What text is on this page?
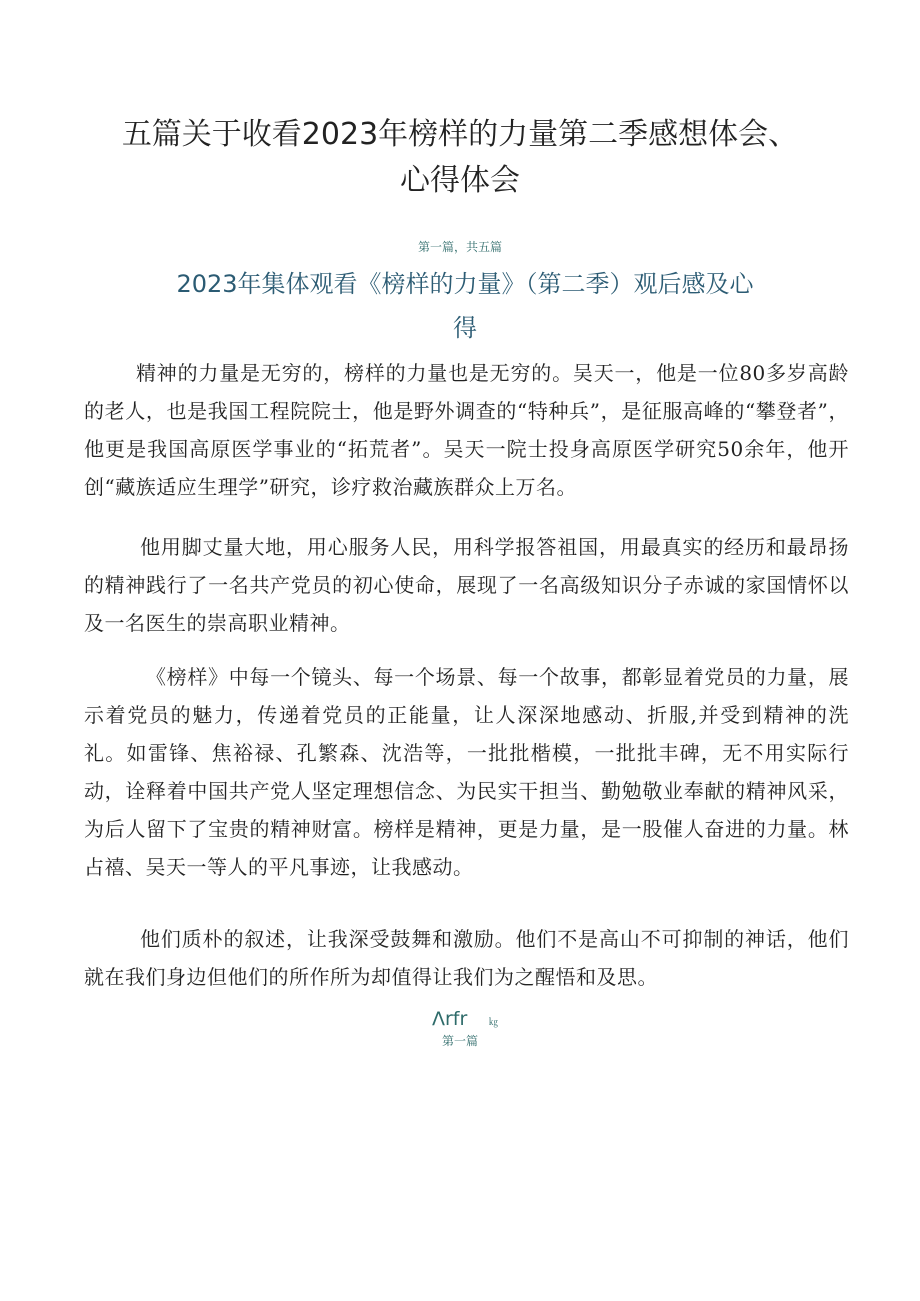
五篇关于收看2023年榜样的力量第二季感想体会、
心得体会
第一篇，共五篇
2023年集体观看《榜样的力量》（第二季）观后感及心
得

精神的力量是无穷的，榜样的力量也是无穷的。吴天一，他是一位80多岁高龄的老人，也是我国工程院院士，他是野外调查的“特种兵”，是征服高峰的“攀登者”，他更是我国高原医学事业的“拓荒者”。吴天一院士投身高原医学研究50余年，他开创“藏族适应生理学”研究，诊疗救治藏族群众上万名。

他用脚丈量大地，用心服务人民，用科学报答祖国，用最真实的经历和最昂扬的精神践行了一名共产党员的初心使命，展现了一名高级知识分子赤诚的家国情怀以及一名医生的崇高职业精神。

《榜样》中每一个镜头、每一个场景、每一个故事，都彰显着党员的力量，展示着党员的魅力，传递着党员的正能量，让人深深地感动、折服,并受到精神的洗礼。如雷锋、焦裕禄、孔繁森、沈浩等，一批批楷模，一批批丰碑，无不用实际行动，诠释着中国共产党人坚定理想信念、为民实干担当、勤勉敬业奉献的精神风采，为后人留下了宝贵的精神财富。榜样是精神，更是力量，是一股催人奋进的力量。林占禧、吴天一等人的平凡事迹，让我感动。

他们质朴的叙述，让我深受鼓舞和激励。他们不是高山不可抑制的神话，他们就在我们身边但他们的所作所为却值得让我们为之醒悟和及思。

Λrfr ㎏
第一篇
